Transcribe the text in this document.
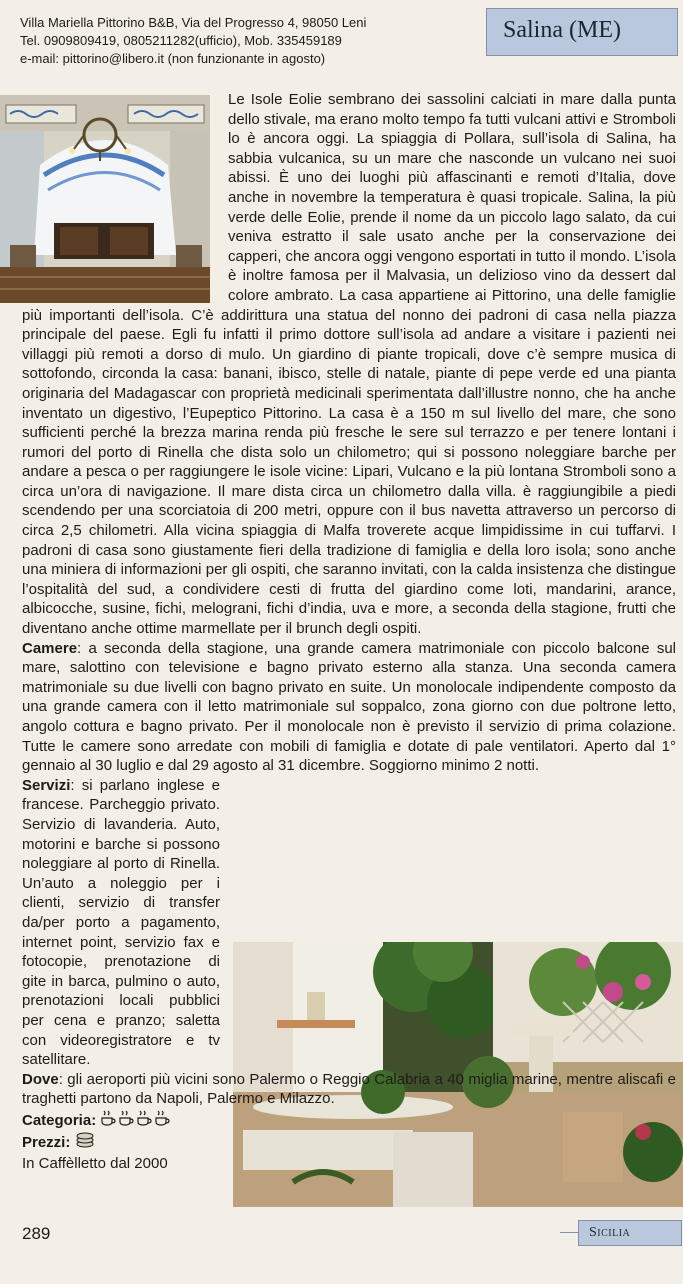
Villa Mariella Pittorino B&B, Via del Progresso 4, 98050 Leni
Tel. 0909809419, 0805211282(ufficio), Mob. 335459189
e-mail: pittorino@libero.it (non funzionante in agosto)
Salina (ME)

Le Isole Eolie sembrano dei sassolini calciati in mare dalla punta dello stivale, ma erano molto tempo fa tutti vulcani attivi e Stromboli lo è ancora oggi. La spiaggia di Pollara, sull’isola di Salina, ha sabbia vulcanica, su un mare che nasconde un vulcano nei suoi abissi. È uno dei luoghi più affascinanti e remoti d’Italia, dove anche in novembre la temperatura è quasi tropicale. Salina, la più verde delle Eolie, prende il nome da un piccolo lago salato, da cui veniva estratto il sale usato anche per la conservazione dei capperi, che ancora oggi vengono esportati in tutto il mondo. L’isola è inoltre famosa per il Malvasia, un delizioso vino da dessert dal colore ambrato. La casa appartiene ai Pittorino, una delle famiglie più importanti dell’isola. C’è addirittura una statua del nonno dei padroni di casa nella piazza principale del paese. Egli fu infatti il primo dottore sull’isola ad andare a visitare i pazienti nei villaggi più remoti a dorso di mulo. Un giardino di piante tropicali, dove c’è sempre musica di sottofondo, circonda la casa: banani, ibisco, stelle di natale, piante di pepe verde ed una pianta originaria del Madagascar con proprietà medicinali sperimentata dall’illustre nonno, che ha anche inventato un digestivo, l’Eupeptico Pittorino. La casa è a 150 m sul livello del mare, che sono sufficienti perché la brezza marina renda più fresche le sere sul terrazzo e per tenere lontani i rumori del porto di Rinella che dista solo un chilometro; qui si possono noleggiare barche per andare a pesca o per raggiungere le isole vicine: Lipari, Vulcano e la più lontana Stromboli sono a circa un’ora di navigazione. Il mare dista circa un chilometro dalla villa. è raggiungibile a piedi scendendo per una scorciatoia di 200 metri, oppure con il bus navetta attraverso un percorso di circa 2,5 chilometri. Alla vicina spiaggia di Malfa troverete acque limpidissime in cui tuffarvi. I padroni di casa sono giustamente fieri della tradizione di famiglia e della loro isola; sono anche una miniera di informazioni per gli ospiti, che saranno invitati, con la calda insistenza che distingue l’ospitalità del sud, a condividere cesti di frutta del giardino come loti, mandarini, arance, albicocche, susine, fichi, melograni, fichi d’india, uva e more, a seconda della stagione, frutti che diventano anche ottime marmellate per il brunch degli ospiti.

Camere: a seconda della stagione, una grande camera matrimoniale con piccolo balcone sul mare, salottino con televisione e bagno privato esterno alla stanza. Una seconda camera matrimoniale su due livelli con bagno privato en suite. Un monolocale indipendente composto da una grande camera con il letto matrimoniale sul soppalco, zona giorno con due poltrone letto, angolo cottura e bagno privato. Per il monolocale non è previsto il servizio di prima colazione. Tutte le camere sono arredate con mobili di famiglia e dotate di pale ventilatori. Aperto dal 1° gennaio al 30 luglio e dal 29 agosto al 31 dicembre. Soggiorno minimo 2 notti.

Servizi: si parlano inglese e francese. Parcheggio privato. Servizio di lavanderia. Auto, motorini e barche si possono noleggiare al porto di Rinella. Un’auto a noleggio per i clienti, servizio di transfer da/per porto a pagamento, internet point, servizio fax e fotocopie, prenotazione di gite in barca, pulmino o auto, prenotazioni locali pubblici per cena e pranzo; saletta con videoregistratore e tv satellitare.

Dove: gli aeroporti più vicini sono Palermo o Reggio Calabria a 40 miglia marine, mentre aliscafi e traghetti partono da Napoli, Palermo e Milazzo.

Categoria:

Prezzi:

In Caffèlletto dal 2000

289	Sicilia
